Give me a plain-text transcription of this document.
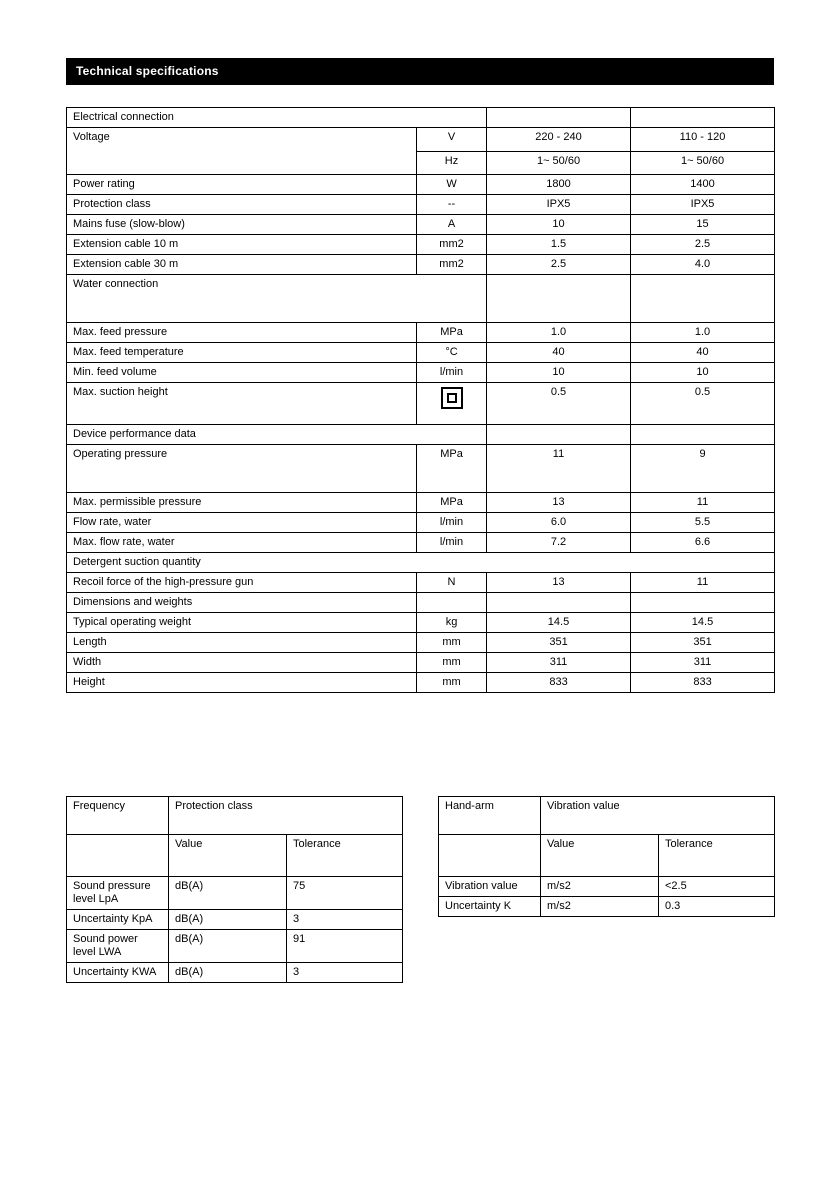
Technical specifications
Electrical connection			
Voltage	V	220 - 240	110 - 120
	Hz	1~ 50/60	1~ 50/60
Power rating	W	1800	1400
Protection class	--	IPX5	IPX5
Mains fuse (slow-blow)	A	10	15
Extension cable 10 m	mm2	1.5	2.5
Extension cable 30 m	mm2	2.5	4.0
Water connection			
Max. feed pressure	MPa	1.0	1.0
Max. feed temperature	°C	40	40
Min. feed volume	l/min	10	10
Max. suction height		0.5	0.5
Device performance data			
Operating pressure	MPa	11	9
Max. permissible pressure	MPa	13	11
Flow rate, water	l/min	6.0	5.5
Max. flow rate, water	l/min	7.2	6.6
Detergent suction quantity			
Recoil force of the high-pressure gun	N	13	11
Dimensions and weights			
Typical operating weight	kg	14.5	14.5
Length	mm	351	351
Width	mm	311	311
Height	mm	833	833
Frequency	Protection class	
	Value	Tolerance
Sound pressure level LpA	dB(A)	75
Uncertainty KpA	dB(A)	3
Sound power level LWA	dB(A)	91
Uncertainty KWA	dB(A)	3
Hand-arm	Vibration value	
	Value	Tolerance
Vibration value	m/s2	<2.5
Uncertainty K	m/s2	0.3
